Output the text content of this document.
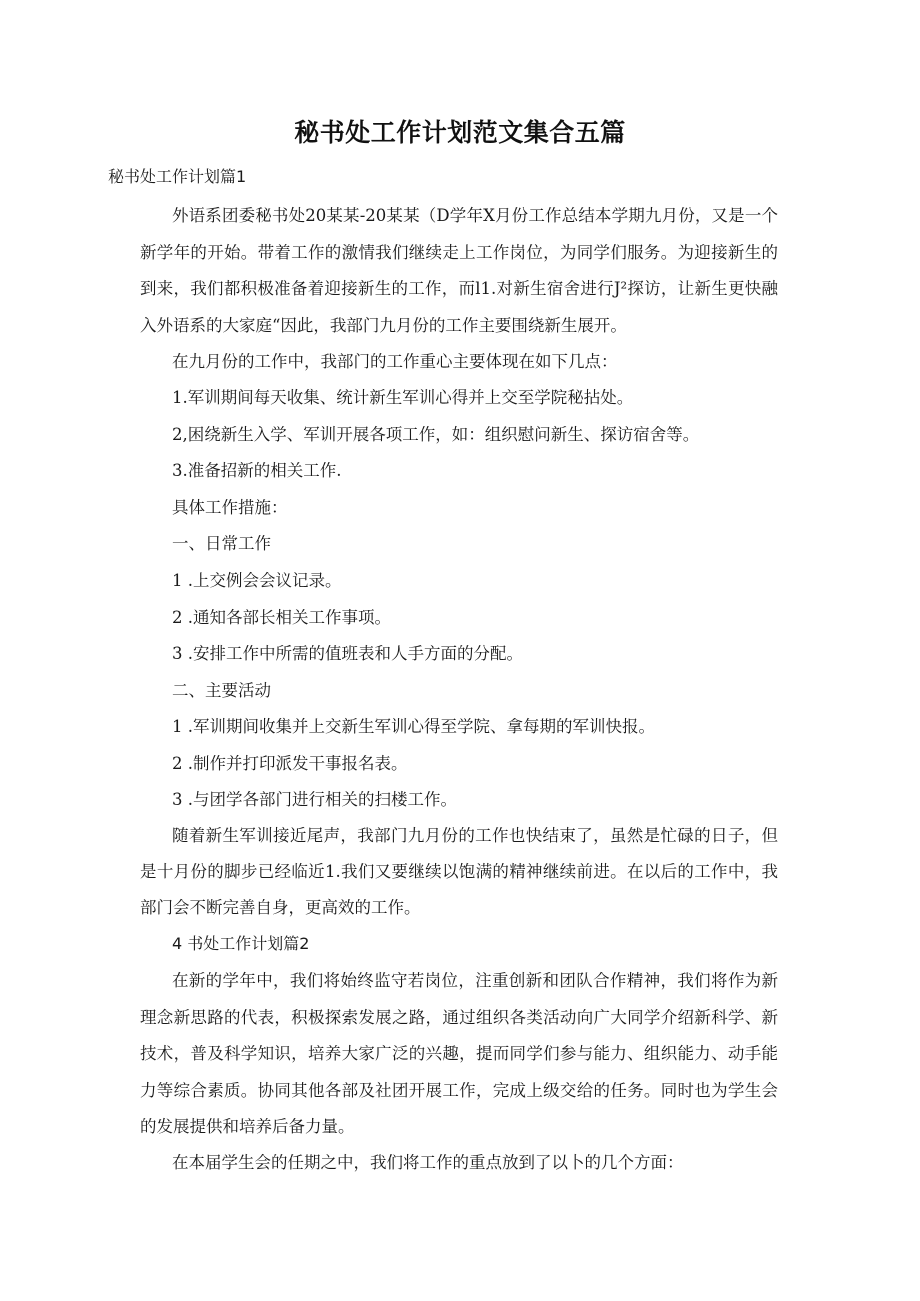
秘书处工作计划范文集合五篇
秘书处工作计划篇1
外语系团委秘书处20某某-20某某（D学年X月份工作总结本学期九月份，又是一个
新学年的开始。带着工作的激情我们继续走上工作岗位，为同学们服务。为迎接新生的
到来，我们都积极准备着迎接新生的工作，而l1.对新生宿舍进行J²探访，让新生更快融
入外语系的大家庭“因此，我部门九月份的工作主要围绕新生展开。
在九月份的工作中，我部门的工作重心主要体现在如下几点：
1.军训期间每天收集、统计新生军训心得并上交至学院秘拈处。
2,困绕新生入学、军训开展各项工作，如：组织慰问新生、探访宿舍等。
3.准备招新的相关工作.
具体工作措施：
一、日常工作
1 .上交例会会议记录。
2 .通知各部长相关工作事项。
3 .安排工作中所需的值班表和人手方面的分配。
二、主要活动
1 .军训期间收集并上交新生军训心得至学院、拿每期的军训快报。
2 .制作并打印派发干事报名表。
3 .与团学各部门进行相关的扫楼工作。
随着新生军训接近尾声，我部门九月份的工作也快结束了，虽然是忙碌的日子，但
是十月份的脚步已经临近1.我们又要继续以饱满的精神继续前进。在以后的工作中，我
部门会不断完善自身，更高效的工作。
4 书处工作计划篇2
在新的学年中，我们将始终监守若岗位，注重创新和团队合作精神，我们将作为新
理念新思路的代表，积极探索发展之路，通过组织各类活动向广大同学介绍新科学、新
技术，普及科学知识，培养大家广泛的兴趣，提而同学们参与能力、组织能力、动手能
力等综合素质。协同其他各部及社团开展工作，完成上级交给的任务。同时也为学生会
的发展提供和培养后备力量。
在本届学生会的任期之中，我们将工作的重点放到了以卜的几个方面：
